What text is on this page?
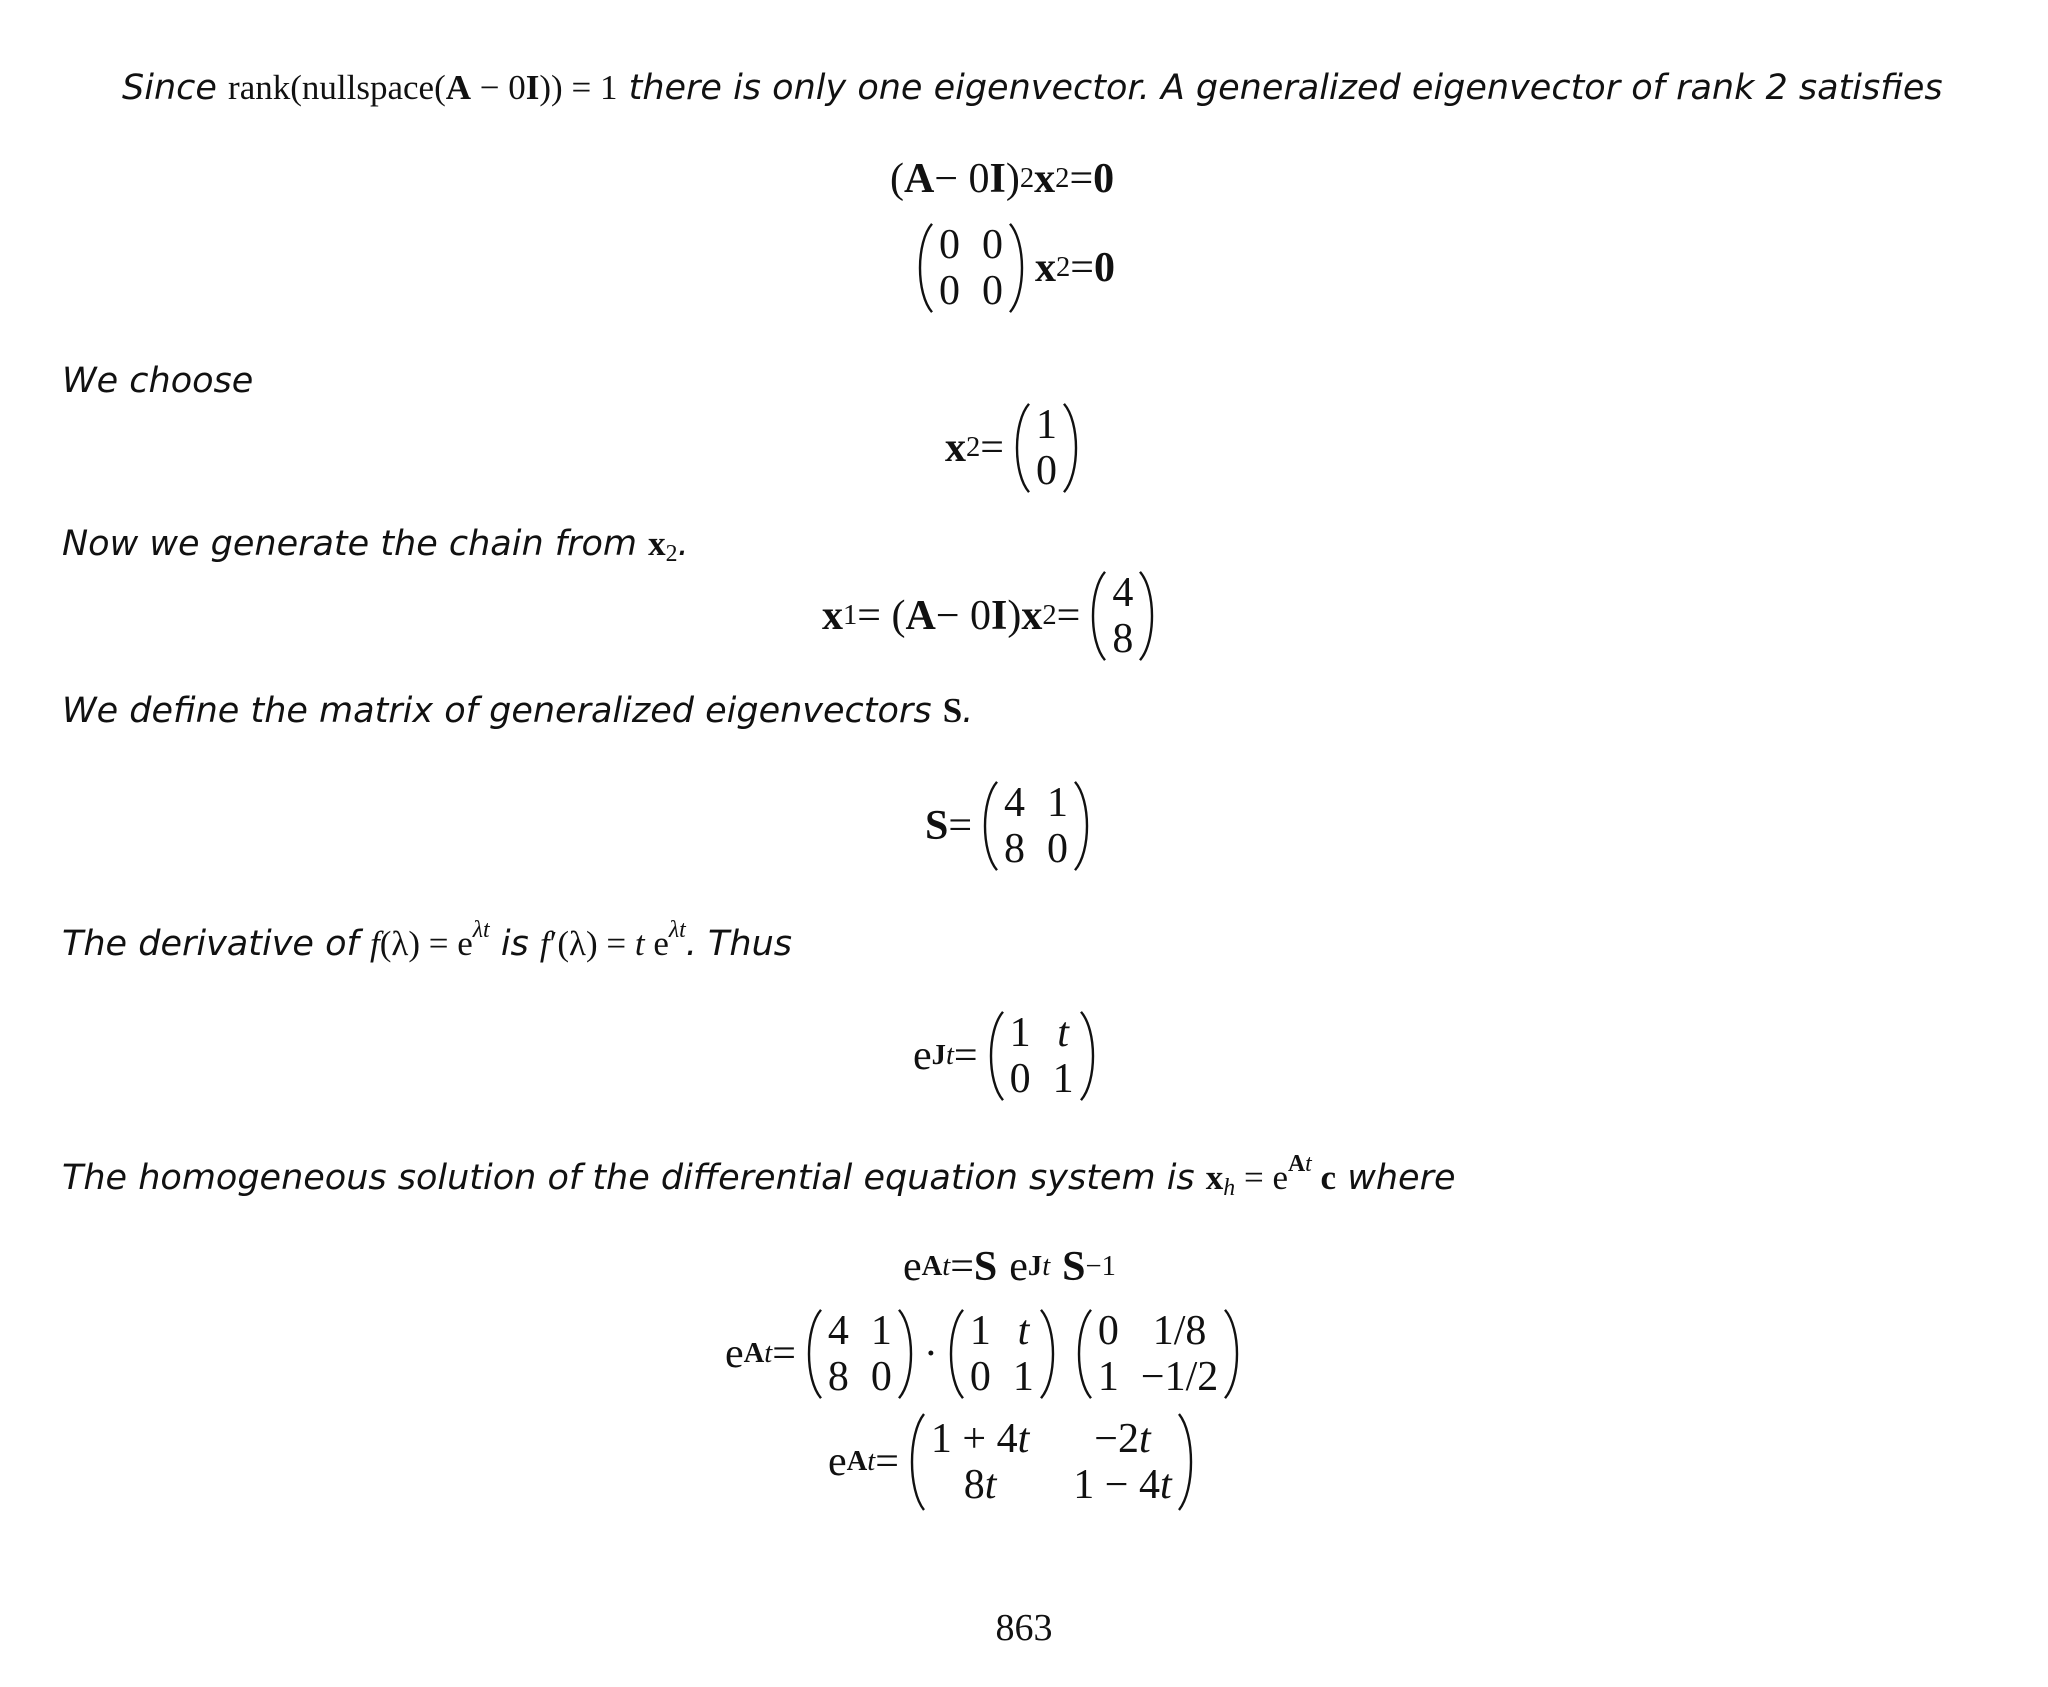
Since rank(nullspace(A − 0I)) = 1 there is only one eigenvector. A generalized eigenvector of rank 2 satisfies
( A − 0 I ) 2 x 2 = 0
0 0
0 0 x 2 = 0
We choose
x 2 = 1
0
Now we generate the chain from $x_2$.
x 1 = ( A − 0 I ) x 2 = 4
8
We define the matrix of generalized eigenvectors S.
S = 4 1
8 0
The derivative of $f(\lambda) = e^{\lambda t}$ is f′(λ) = t $e^{\lambda t}$. Thus
e Jt = 1 t
0 1
The homogeneous solution of the differential equation system is $x_h = e^{At}$ c where
e At = S e Jt S −1
e At = 4 1
8 0 · 1 t
0 1
0 1/8
1 −1/2
e At = 1 + 4t −2t
8t 1 − 4t
863
